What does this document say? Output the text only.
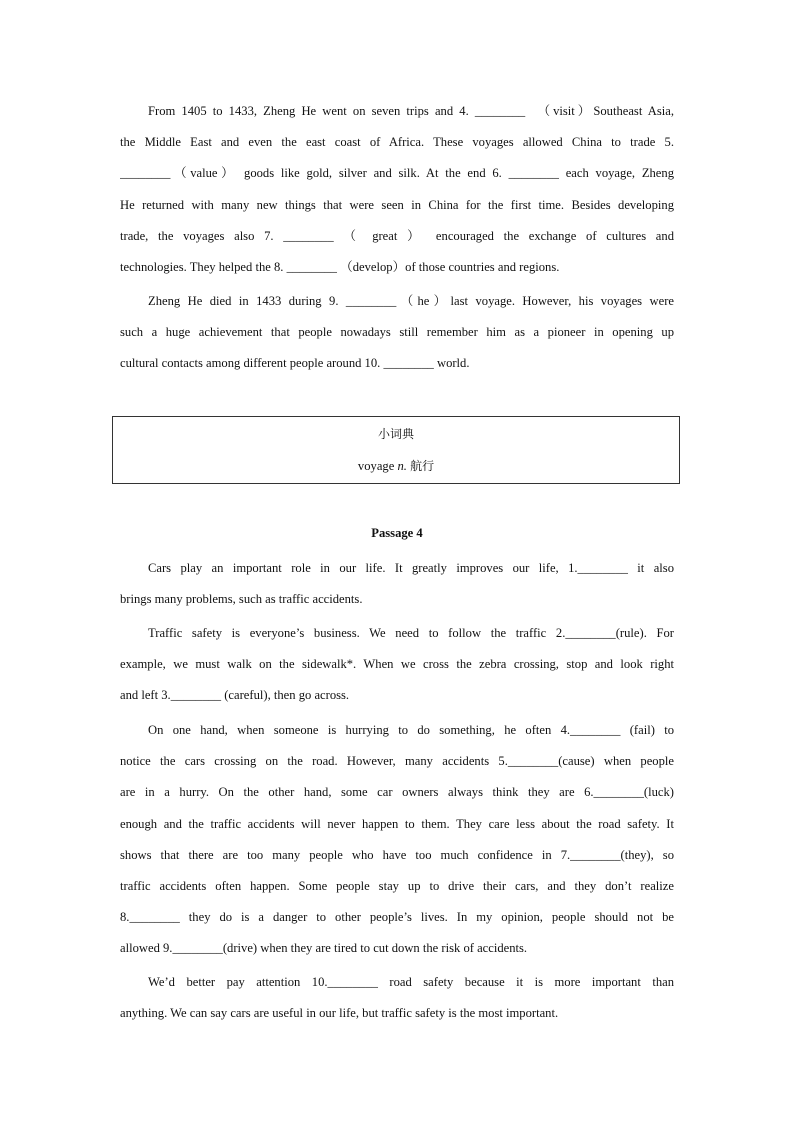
From 1405 to 1433, Zheng He went on seven trips and 4. ________  （visit）Southeast Asia,
the Middle East and even the east coast of Africa. These voyages allowed China to trade 5.
________（value） goods like gold, silver and silk. At the end 6. ________ each voyage, Zheng
He returned with many new things that were seen in China for the first time. Besides developing
trade, the voyages also 7. ________ （ great ） encouraged the exchange of cultures and
technologies. They helped the 8. ________ （develop）of those countries and regions.
Zheng He died in 1433 during 9. ________（he）last voyage. However, his voyages were
such a huge achievement that people nowadays still remember him as a pioneer in opening up
cultural contacts among different people around 10. ________ world.
小词典
voyage n. 航行
Passage 4
Cars play an important role in our life. It greatly improves our life, 1.________ it also
brings many problems, such as traffic accidents.
Traffic safety is everyone’s business. We need to follow the traffic 2.________(rule). For
example, we must walk on the sidewalk*. When we cross the zebra crossing, stop and look right
and left 3.________ (careful), then go across.
On one hand, when someone is hurrying to do something, he often 4.________ (fail) to
notice the cars crossing on the road. However, many accidents 5.________(cause) when people
are in a hurry. On the other hand, some car owners always think they are 6.________(luck)
enough and the traffic accidents will never happen to them. They care less about the road safety. It
shows that there are too many people who have too much confidence in 7.________(they), so
traffic accidents often happen. Some people stay up to drive their cars, and they don’t realize
8.________ they do is a danger to other people’s lives. In my opinion, people should not be
allowed 9.________(drive) when they are tired to cut down the risk of accidents.
We’d better pay attention 10.________ road safety because it is more important than
anything. We can say cars are useful in our life, but traffic safety is the most important.
